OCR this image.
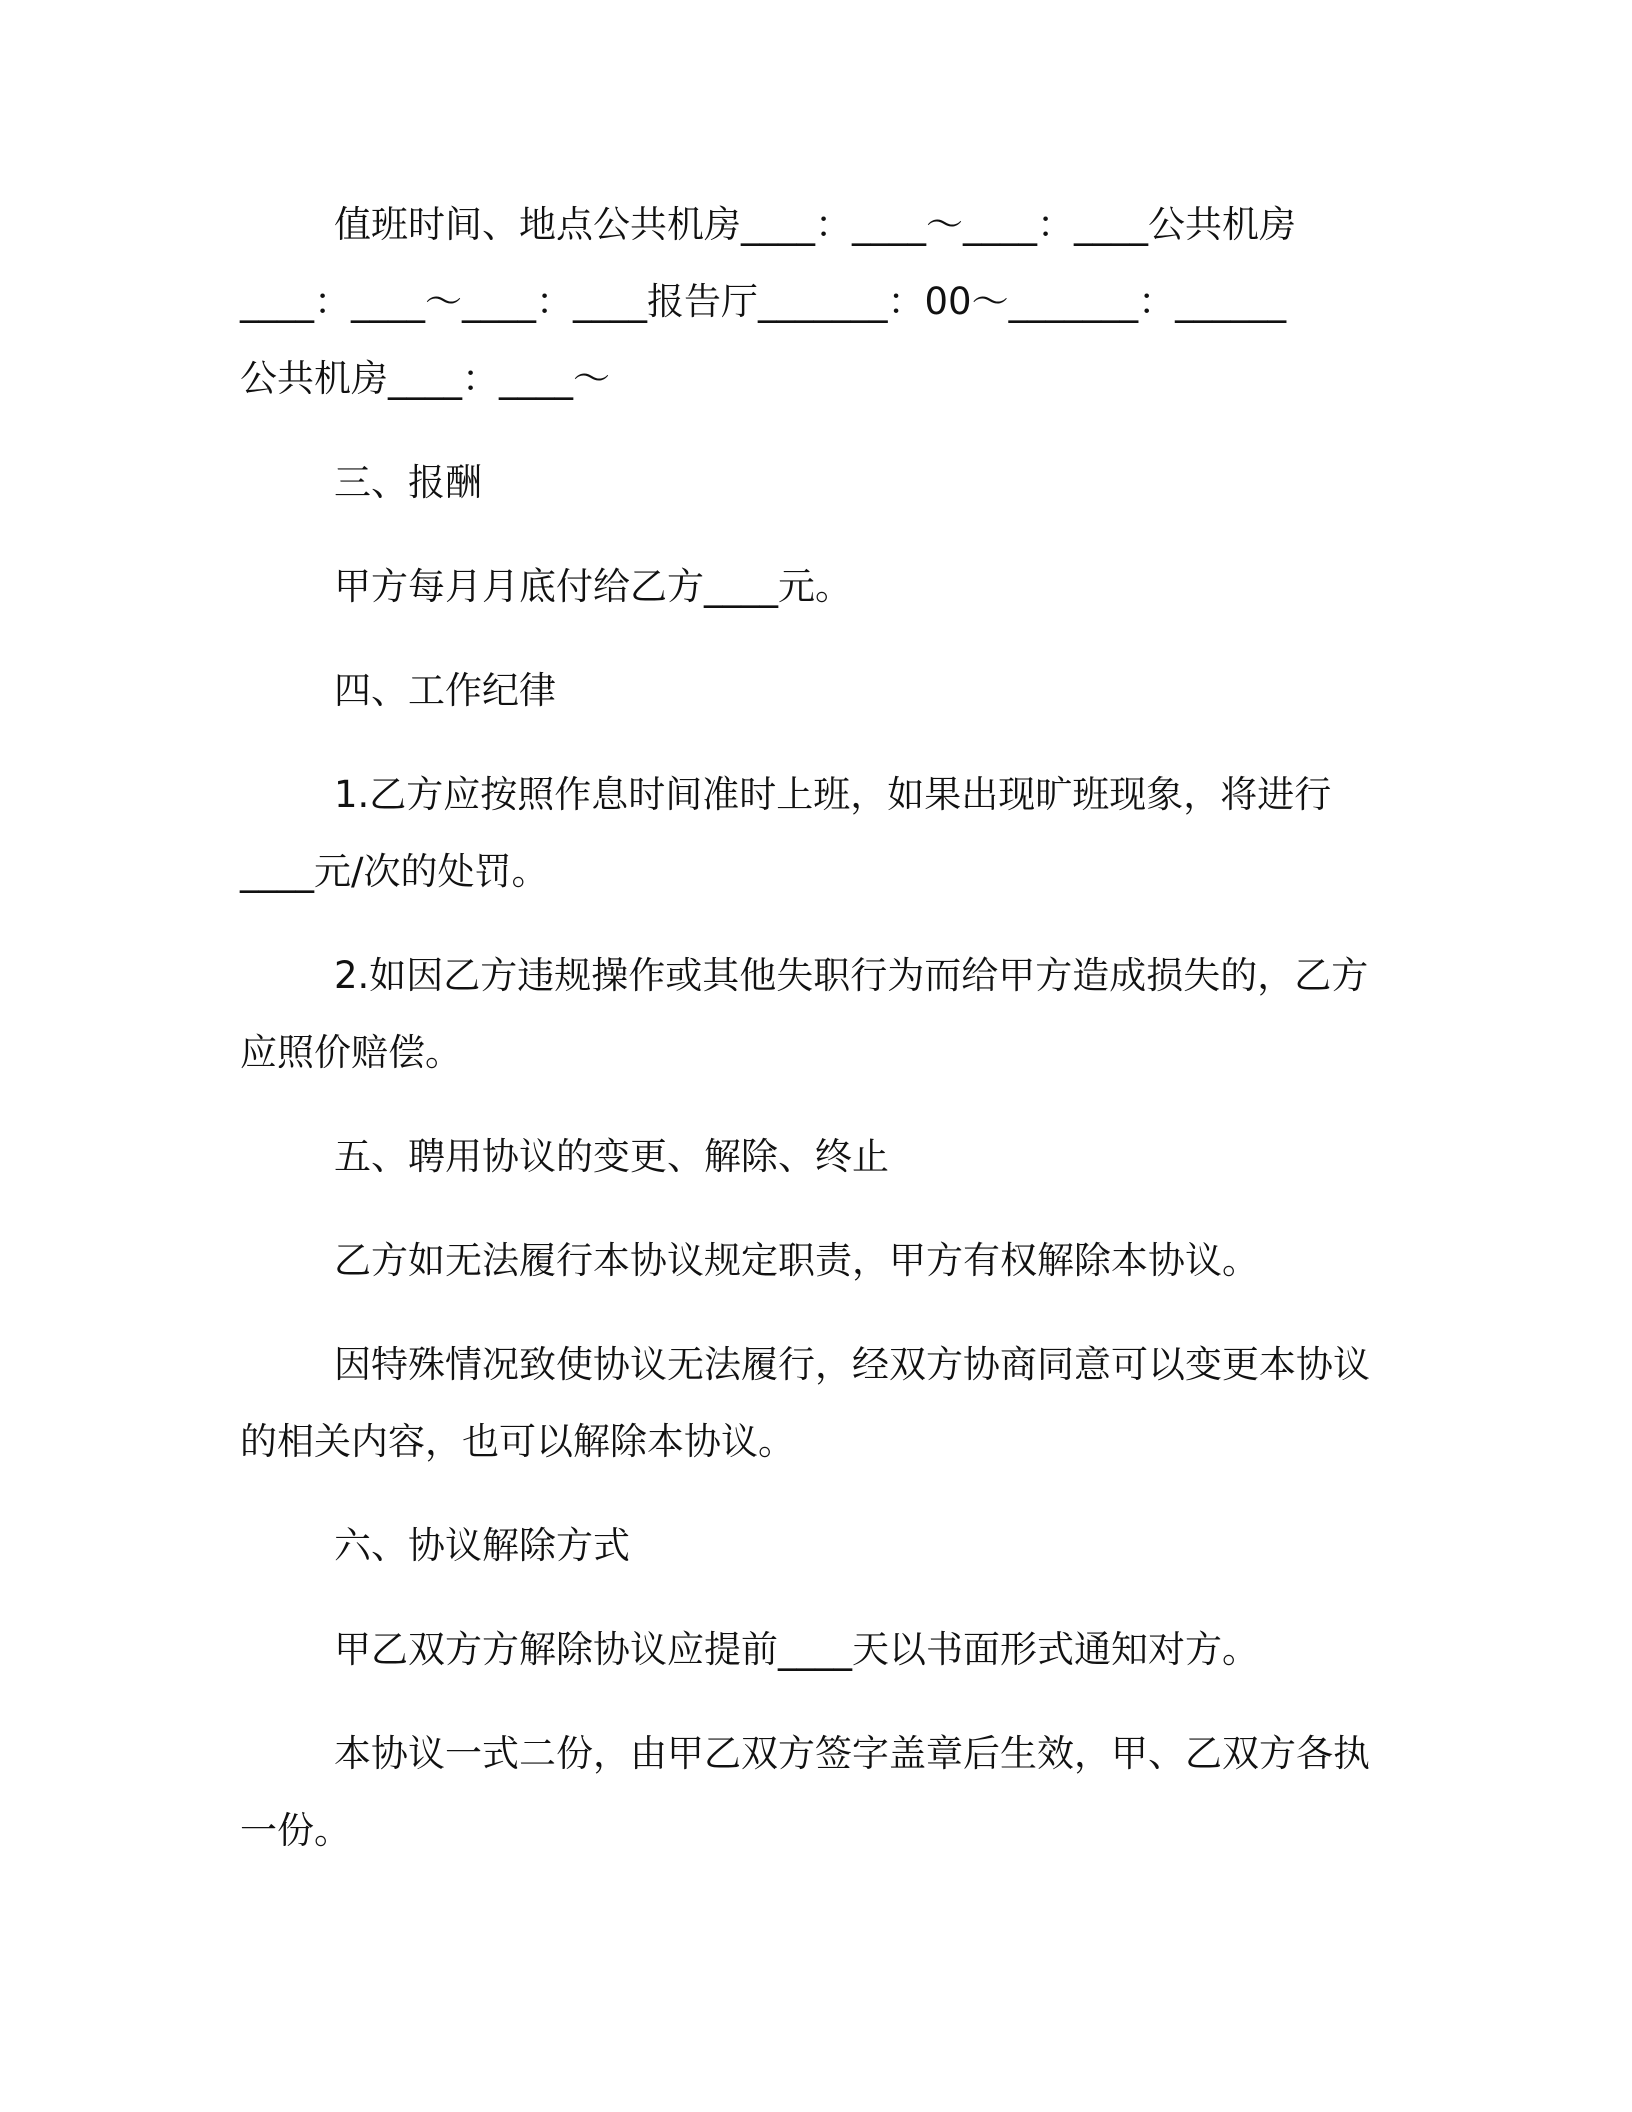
值班时间、地点公共机房____：____～____：____公共机房
____：____～____：____报告厅_______：00～_______：______
公共机房____：____～
三、报酬
甲方每月月底付给乙方____元。
四、工作纪律
1.乙方应按照作息时间准时上班，如果出现旷班现象，将进行
____元/次的处罚。
2.如因乙方违规操作或其他失职行为而给甲方造成损失的，乙方
应照价赔偿。
五、聘用协议的变更、解除、终止
乙方如无法履行本协议规定职责，甲方有权解除本协议。
因特殊情况致使协议无法履行，经双方协商同意可以变更本协议
的相关内容，也可以解除本协议。
六、协议解除方式
甲乙双方方解除协议应提前____天以书面形式通知对方。
本协议一式二份，由甲乙双方签字盖章后生效，甲、乙双方各执
一份。
